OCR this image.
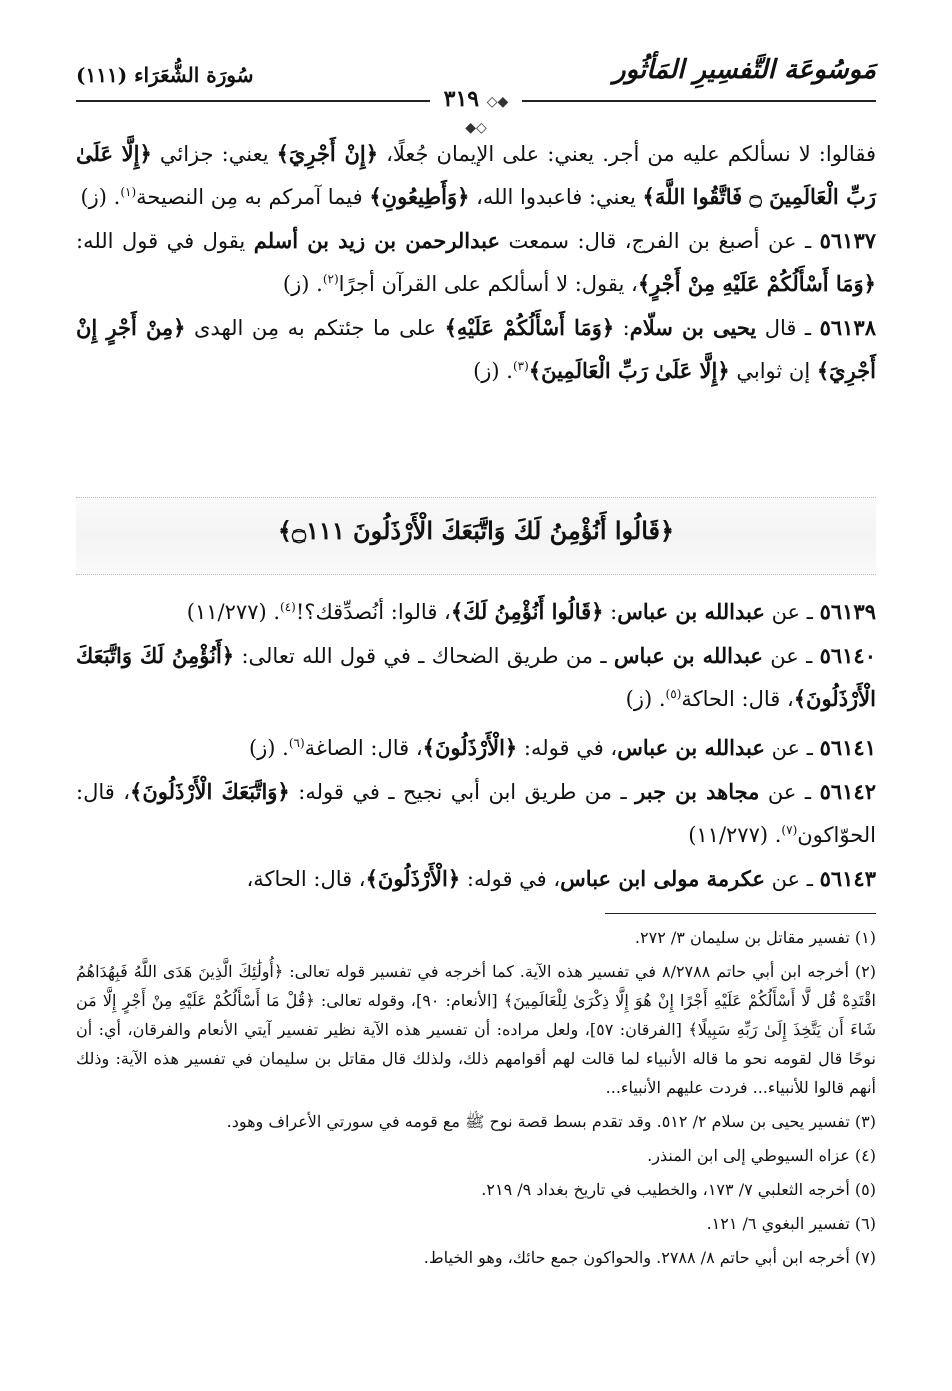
سُورَة الشُّعَرَاء (١١١)	مَوسُوعَة التَّفسِيرِ المَأثُور
◆◇ ٣١٩ ◇◆

فقالوا: لا نسألكم عليه من أجر. يعني: على الإيمان جُعلًا، ﴿إِنْ أَجْرِيَ﴾ يعني: جزائي ﴿إِلَّا عَلَىٰ رَبِّ الْعَالَمِينَ ۝ فَاتَّقُوا اللَّهَ﴾ يعني: فاعبدوا الله، ﴿وَأَطِيعُونِ﴾ فيما آمركم به مِن النصيحة$^{(١)}$. (ز)

٥٦١٣٧ ـ عن أصبغ بن الفرج، قال: سمعت عبدالرحمن بن زيد بن أسلم يقول في قول الله: ﴿وَمَا أَسْأَلُكُمْ عَلَيْهِ مِنْ أَجْرٍ﴾، يقول: لا أسألكم على القرآن أجرًا$^{(٢)}$. (ز)

٥٦١٣٨ ـ قال يحيى بن سلّام: ﴿وَمَا أَسْأَلُكُمْ عَلَيْهِ﴾ على ما جئتكم به مِن الهدى ﴿مِنْ أَجْرٍ إِنْ أَجْرِيَ﴾ إن ثوابي ﴿إِلَّا عَلَىٰ رَبِّ الْعَالَمِينَ﴾$^{(٣)}$. (ز)

﴿قَالُوا أَنُؤْمِنُ لَكَ وَاتَّبَعَكَ الْأَرْذَلُونَ ۝١١١﴾

٥٦١٣٩ ـ عن عبدالله بن عباس: ﴿قَالُوا أَنُؤْمِنُ لَكَ﴾، قالوا: أنُصدِّقك؟!$^{(٤)}$. (١١/٢٧٧)

٥٦١٤٠ ـ عن عبدالله بن عباس ـ من طريق الضحاك ـ في قول الله تعالى: ﴿أَنُؤْمِنُ لَكَ وَاتَّبَعَكَ الْأَرْذَلُونَ﴾، قال: الحاكة$^{(٥)}$. (ز)

٥٦١٤١ ـ عن عبدالله بن عباس، في قوله: ﴿الْأَرْذَلُونَ﴾، قال: الصاغة$^{(٦)}$. (ز)

٥٦١٤٢ ـ عن مجاهد بن جبر ـ من طريق ابن أبي نجيح ـ في قوله: ﴿وَاتَّبَعَكَ الْأَرْذَلُونَ﴾، قال: الحوّاكون$^{(٧)}$. (١١/٢٧٧)

٥٦١٤٣ ـ عن عكرمة مولى ابن عباس، في قوله: ﴿الْأَرْذَلُونَ﴾، قال: الحاكة،

(١) تفسير مقاتل بن سليمان ٣/ ٢٧٢.

(٢) أخرجه ابن أبي حاتم ٨/٢٧٨٨ في تفسير هذه الآية. كما أخرجه في تفسير قوله تعالى: ﴿أُولَٰئِكَ الَّذِينَ هَدَى اللَّهُ فَبِهُدَاهُمُ اقْتَدِهْ قُل لَّا أَسْأَلُكُمْ عَلَيْهِ أَجْرًا إِنْ هُوَ إِلَّا ذِكْرَىٰ لِلْعَالَمِينَ﴾ [الأنعام: ٩٠]، وقوله تعالى: ﴿قُلْ مَا أَسْأَلُكُمْ عَلَيْهِ مِنْ أَجْرٍ إِلَّا مَن شَاءَ أَن يَتَّخِذَ إِلَىٰ رَبِّهِ سَبِيلًا﴾ [الفرقان: ٥٧]، ولعل مراده: أن تفسير هذه الآية نظير تفسير آيتي الأنعام والفرقان، أي: أن نوحًا قال لقومه نحو ما قاله الأنبياء لما قالت لهم أقوامهم ذلك، ولذلك قال مقاتل بن سليمان في تفسير هذه الآية: وذلك أنهم قالوا للأنبياء... فردت عليهم الأنبياء...

(٣) تفسير يحيى بن سلام ٢/ ٥١٢. وقد تقدم بسط قصة نوح ﷺ مع قومه في سورتي الأعراف وهود.

(٤) عزاه السيوطي إلى ابن المنذر.

(٥) أخرجه الثعلبي ٧/ ١٧٣، والخطيب في تاريخ بغداد ٩/ ٢١٩.

(٦) تفسير البغوي ٦/ ١٢١.

(٧) أخرجه ابن أبي حاتم ٨/ ٢٧٨٨. والحواكون جمع حائك، وهو الخياط.
